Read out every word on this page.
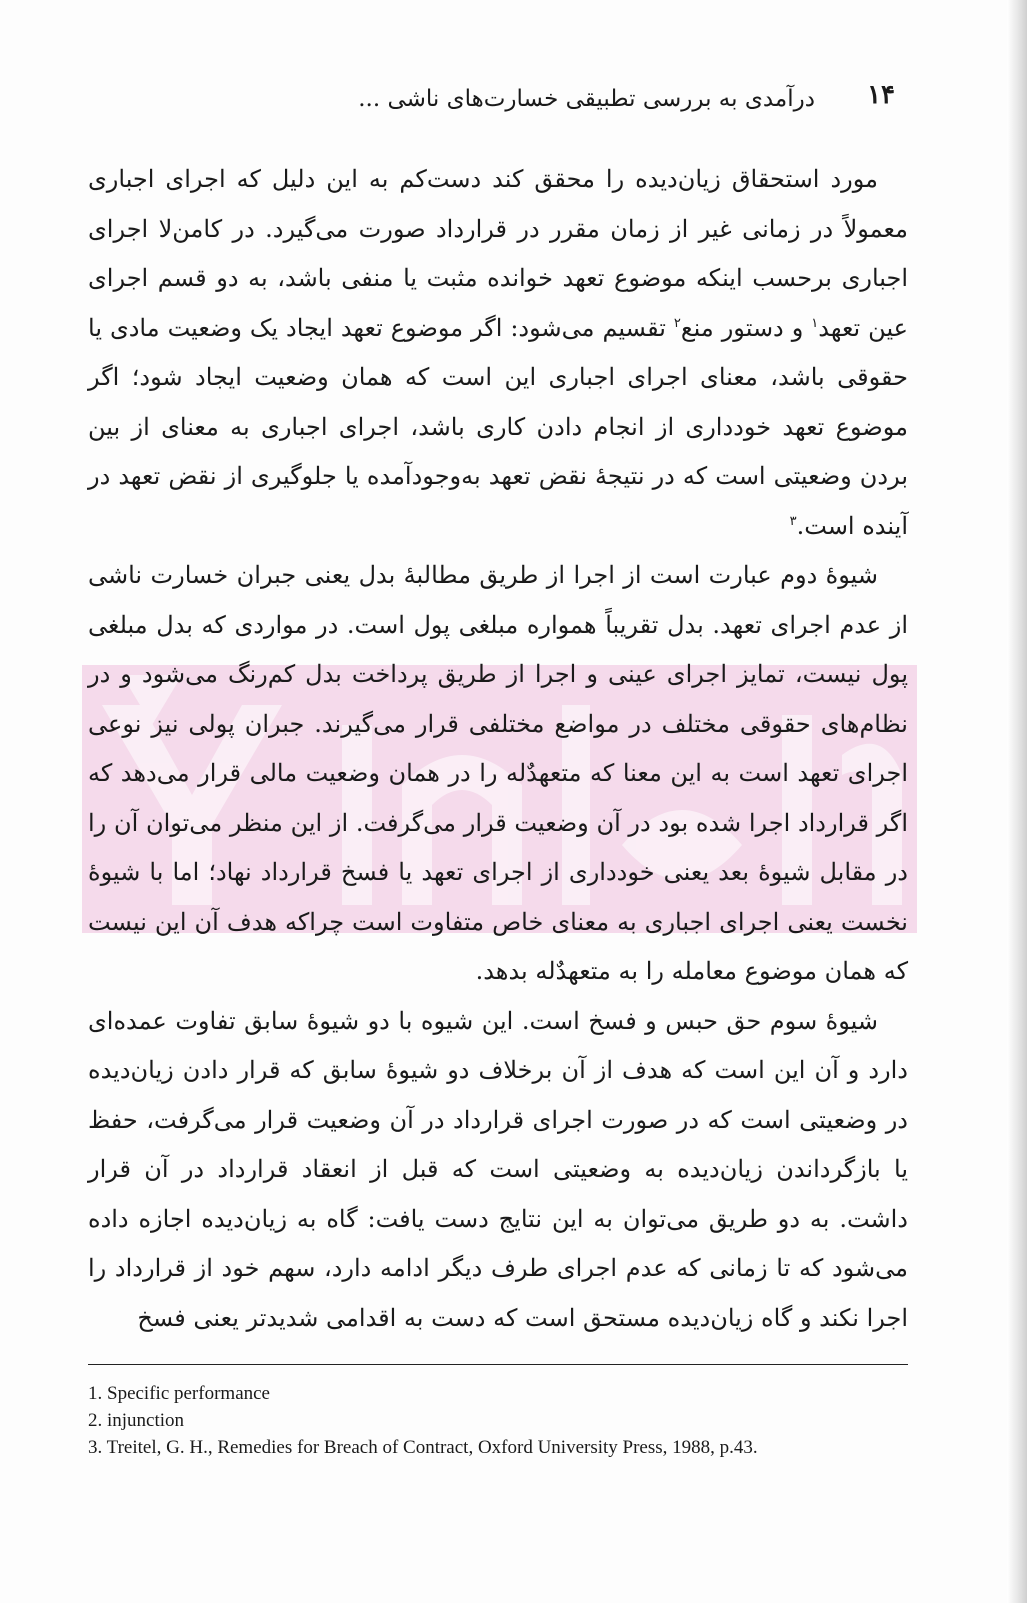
۱۴
درآمدی به بررسی تطبیقی خسارت‌های ناشی ...

مورد استحقاق زیان‌دیده را محقق کند دست‌کم به این دلیل که اجرای اجباری معمولاً در زمانی غیر از زمان مقرر در قرارداد صورت می‌گیرد. در کامن‌لا اجرای اجباری برحسب اینکه موضوع تعهد خوانده مثبت یا منفی باشد، به دو قسم اجرای عین تعهد$^۱$ و دستور منع$^۲$ تقسیم می‌شود: اگر موضوع تعهد ایجاد یک وضعیت مادی یا حقوقی باشد، معنای اجرای اجباری این است که همان وضعیت ایجاد شود؛ اگر موضوع تعهد خودداری از انجام دادن کاری باشد، اجرای اجباری به معنای از بین بردن وضعیتی است که در نتیجهٔ نقض تعهد به‌وجودآمده یا جلوگیری از نقض تعهد در آینده است.$^۳$

شیوهٔ دوم عبارت است از اجرا از طریق مطالبهٔ بدل یعنی جبران خسارت ناشی از عدم اجرای تعهد. بدل تقریباً همواره مبلغی پول است. در مواردی که بدل مبلغی پول نیست، تمایز اجرای عینی و اجرا از طریق پرداخت بدل کم‌رنگ می‌شود و در نظام‌های حقوقی مختلف در مواضع مختلفی قرار می‌گیرند. جبران پولی نیز نوعی اجرای تعهد است به این معنا که متعهدٌله را در همان وضعیت مالی قرار می‌دهد که اگر قرارداد اجرا شده بود در آن وضعیت قرار می‌گرفت. از این منظر می‌توان آن را در مقابل شیوهٔ بعد یعنی خودداری از اجرای تعهد یا فسخ قرارداد نهاد؛ اما با شیوهٔ نخست یعنی اجرای اجباری به معنای خاص متفاوت است چراکه هدف آن این نیست که همان موضوع معامله را به متعهدٌله بدهد.

شیوهٔ سوم حق حبس و فسخ است. این شیوه با دو شیوهٔ سابق تفاوت عمده‌ای دارد و آن این است که هدف از آن برخلاف دو شیوهٔ سابق که قرار دادن زیان‌دیده در وضعیتی است که در صورت اجرای قرارداد در آن وضعیت قرار می‌گرفت، حفظ یا بازگرداندن زیان‌دیده به وضعیتی است که قبل از انعقاد قرارداد در آن قرار داشت. به دو طریق می‌توان به این نتایج دست یافت: گاه به زیان‌دیده اجازه داده می‌شود که تا زمانی که عدم اجرای طرف دیگر ادامه دارد، سهم خود از قرارداد را اجرا نکند و گاه زیان‌دیده مستحق است که دست به اقدامی شدیدتر یعنی فسخ

1. Specific performance
2. injunction
3. Treitel, G. H., Remedies for Breach of Contract, Oxford University Press, 1988, p.43.
